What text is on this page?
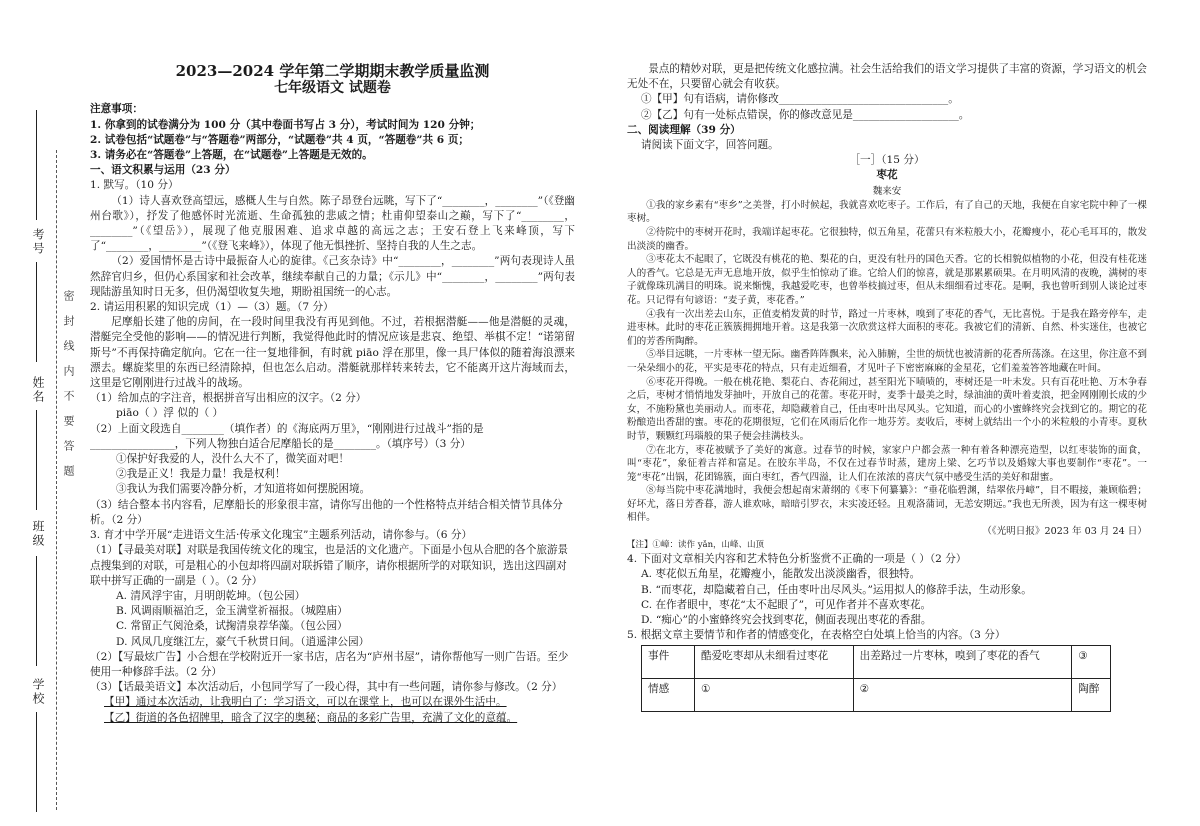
考号
姓名
班级
学校
密封线内不要答题

2023—2024 学年第二学期期末教学质量监测

七年级语文 试题卷

注意事项：

1. 你拿到的试卷满分为 100 分（其中卷面书写占 3 分），考试时间为 120 分钟；

2. 试卷包括“试题卷”与“答题卷”两部分，“试题卷”共 4 页，“答题卷”共 6 页；

3. 请务必在“答题卷”上答题，在“试题卷”上答题是无效的。

一、语文积累与运用（23 分）

1. 默写。（10 分）

（1）诗人喜欢登高望远，感概人生与自然。陈子昂登台远眺，写下了“________，________”（《登幽州台歌》），抒发了他感怀时光流逝、生命孤独的悲戚之情；杜甫仰望泰山之巅，写下了“________，________”（《望岳》），展现了他克服困难、追求卓越的高远之志；王安石登上飞来峰顶，写下了“________，________”（《登飞来峰》），体现了他无惧挫折、坚持自我的人生之志。

（2）爱国情怀是古诗中最振奋人心的旋律。《己亥杂诗》中“________，________”两句表现诗人虽然辞官归乡，但仍心系国家和社会改革，继续奉献自己的力量；《示儿》中“________，________”两句表现陆游虽知时日无多，但仍渴望收复失地，期盼祖国统一的心志。

2. 请运用积累的知识完成（1）—（3）题。（7 分）

尼摩船长建了他的房间，在一段时间里我没有再见到他。不过，若根据潜艇——他是潜艇的灵魂，潜艇完全受他的影响——的情况进行判断，我觉得他此时的情况应该是悲哀、绝望、举棋不定！“诺第留斯号”不再保持确定航向。它在一往一复地徘徊，有时就 piāo 浮在那里，像一具尸体似的随着海浪漂来漂去。螺旋桨里的东西已经清除掉，但也怎么启动。潜艇就那样转来转去，它不能离开这片海域而去，这里是它刚刚进行过战斗的战场。

（1）给加点的字注音，根据拼音写出相应的汉字。（2 分）

piāo（ ）浮 似的（ ）

（2）上面文段选自________（填作者）的《海底两万里》，“刚刚进行过战斗”指的是________________，下列人物独白适合尼摩船长的是________。（填序号）（3 分）

①保护好我爱的人，没什么大不了，微笑面对吧！

②我是正义！我是力量！我是权利！

③我认为我们需要冷静分析，才知道将如何摆脱困境。

（3）结合整本书内容看，尼摩船长的形象很丰富，请你写出他的一个性格特点并结合相关情节具体分析。（2 分）

3. 育才中学开展“走进语文生活·传承文化瑰宝”主题系列活动，请你参与。（6 分）

（1）【寻最美对联】对联是我国传统文化的瑰宝，也是活的文化遗产。下面是小包从合肥的各个旅游景点搜集到的对联，可是粗心的小包却将四副对联拆错了顺序，请你根据所学的对联知识，选出这四副对联中拼写正确的一副是（ ）。（2 分）

A. 清风浮宇宙，月明朗乾坤。（包公园）

B. 风调雨顺福泊乏，金玉满堂祈福报。（城隍庙）

C. 常留正气阅沧桑，试掬清泉荐华藻。（包公园）

D. 风凤几度继江左，豪气千秋贯日间。（逍遥津公园）

（2）【写最炫广告】小合想在学校附近开一家书店，店名为“庐州书屋”，请你帮他写一则广告语。至少使用一种修辞手法。（2 分）

（3）【话最美语文】本次活动后，小包同学写了一段心得，其中有一些问题，请你参与修改。（2 分）

【甲】通过本次活动，让我明白了：学习语文，可以在课堂上，也可以在课外生活中。

【乙】街道的各色招牌里，暗含了汉字的奥秘；商品的多彩广告里，充满了文化的意蕴。

景点的精妙对联，更是把传统文化感拉满。社会生活给我们的语文学习提供了丰富的资源，学习语文的机会无处不在，只要留心就会有收获。

①【甲】句有语病，请你修改________________________________。

②【乙】句有一处标点错误，你的修改意见是____________________。

二、阅读理解（39 分）

请阅读下面文字，回答问题。

［一］（15 分）

枣花

魏来安

①我的家乡素有“枣乡”之美誉，打小时候起，我就喜欢吃枣子。工作后，有了自己的天地，我便在自家宅院中种了一棵枣树。

②待院中的枣树开花时，我端详起枣花。它很独特，似五角星，花蕾只有米粒般大小，花瓣瘦小，花心毛耳耳的，散发出淡淡的幽香。

③枣花太不起眼了，它既没有桃花的艳、梨花的白，更没有牡丹的国色天香。它的长相貌似植物的小花，但没有桂花迷人的香气。它总是无声无息地开放，似乎生怕惊动了谁。它给人们的惊喜，就是那累累硕果。在月明风清的夜晚，满树的枣子就像珠玑满目的明珠。说来惭愧，我越爱吃枣，也曾举枝搞过枣，但从未细细看过枣花。是啊，我也曾听到别人谈论过枣花。只记得有句谚语：“麦子黄，枣花香。”

④我有一次出差去山东，正值麦梢发黄的时节，路过一片枣林，嗅到了枣花的香气，无比喜悦。于是我在路旁停车，走进枣林。此时的枣花正簇簇拥拥地开着。这是我第一次欣赏这样大面积的枣花。我被它们的清新、自然、朴实迷住，也被它们的芳香所陶醉。

⑤举目远眺，一片枣林一望无际。幽香阵阵飘来，沁入肺腑，尘世的烦忧也被清新的花香所荡涤。在这里，你注意不到一朵朵细小的花，平实是枣花的特点，只有走近细看，才见叶子下密密麻麻的金星花，它们羞羞答答地藏在叶间。

⑥枣花开得晚。一般在桃花艳、梨花白、杏花闹过，甚至阳光下啧啧的，枣树还是一叶未发。只有百花吐艳、万木争春之后，枣树才悄悄地发芽抽叶，开放自己的花蕾。枣花开时，麦季十最美之时，绿油油的黄叶着麦浪，把金网刚刚长成的少女，不施粉黛也美丽动人。而枣花，却隐藏着自己，任由枣叶出尽风头。它知道，而心的小蜜蜂终究会找到它的。期它的花粉酿造出香甜的蜜。枣花的花期很短，它们在风雨后化作一地芬芳。麦收后，枣树上就结出一个小的米粒般的小青枣。夏秋时节，颗颗红玛瑙般的果子便会挂满枝头。

⑦在北方，枣花被赋予了美好的寓意。过春节的时候，家家户户都会蒸一种有着各种漂亮造型，以红枣装饰的面食，叫“枣花”，象征着吉祥和富足。在胶东半岛，不仅在过春节时蒸，建房上梁、乞巧节以及婚嫁大事也要制作“枣花”。一笼“枣花”出锅，花团锦簇，面白枣红，香气四溢，让人们在浓浓的喜庆气氛中感受生活的美好和甜蜜。

⑧每当院中枣花满地时，我便会想起南宋萧纲的《枣下何纂纂》：“垂花临碧渊，结翠依丹嶂”，目不暇接，兼顾临碧；好坏尤，落日芳香暮，游人谁欢咏，暗暗引罗衣，末实凌还轻。且观洛蒲词，无恙安期远。”我也无所羡，因为有这一棵枣树相伴。

（《光明日报》2023 年 03 月 24 日）

【注】①嶂：读作 yǎn，山峰、山顶

4. 下面对文章相关内容和艺术特色分析鉴赏不正确的一项是（ ）（2 分）

A. 枣花似五角星，花瓣瘦小，能散发出淡淡幽香，很独特。

B. “而枣花，却隐藏着自己，任由枣叶出尽风头。”运用拟人的修辞手法，生动形象。

C. 在作者眼中，枣花“太不起眼了”，可见作者并不喜欢枣花。

D. “痴心”的小蜜蜂终究会找到枣花，侧面表现出枣花的香甜。

5. 根据文章主要情节和作者的情感变化，在表格空白处填上恰当的内容。（3 分）

事件	酷爱吃枣却从未细看过枣花	出差路过一片枣林，嗅到了枣花的香气	③
情感	①	②	陶醉
